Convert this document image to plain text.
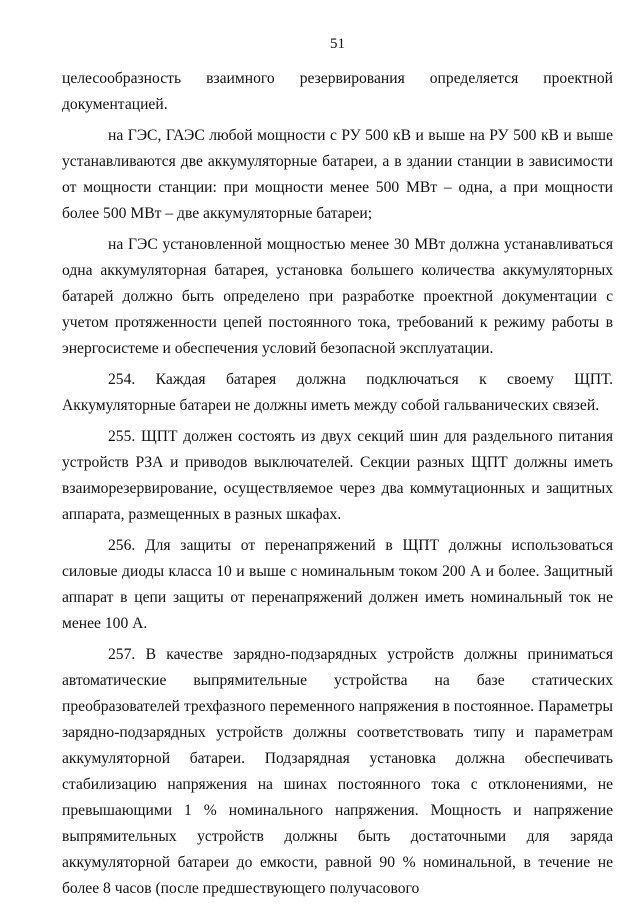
51

целесообразность взаимного резервирования определяется проектной документацией.

на ГЭС, ГАЭС любой мощности с РУ 500 кВ и выше на РУ 500 кВ и выше устанавливаются две аккумуляторные батареи, а в здании станции в зависимости от мощности станции: при мощности менее 500 МВт – одна, а при мощности более 500 МВт – две аккумуляторные батареи;

на ГЭС установленной мощностью менее 30 МВт должна устанавливаться одна аккумуляторная батарея, установка большего количества аккумуляторных батарей должно быть определено при разработке проектной документации с учетом протяженности цепей постоянного тока, требований к режиму работы в энергосистеме и обеспечения условий безопасной эксплуатации.

254. Каждая батарея должна подключаться к своему ЩПТ. Аккумуляторные батареи не должны иметь между собой гальванических связей.

255. ЩПТ должен состоять из двух секций шин для раздельного питания устройств РЗА и приводов выключателей. Секции разных ЩПТ должны иметь взаиморезервирование, осуществляемое через два коммутационных и защитных аппарата, размещенных в разных шкафах.

256. Для защиты от перенапряжений в ЩПТ должны использоваться силовые диоды класса 10 и выше с номинальным током 200 А и более. Защитный аппарат в цепи защиты от перенапряжений должен иметь номинальный ток не менее 100 А.

257. В качестве зарядно-подзарядных устройств должны приниматься автоматические выпрямительные устройства на базе статических преобразователей трехфазного переменного напряжения в постоянное. Параметры зарядно-подзарядных устройств должны соответствовать типу и параметрам аккумуляторной батареи. Подзарядная установка должна обеспечивать стабилизацию напряжения на шинах постоянного тока с отклонениями, не превышающими 1 % номинального напряжения. Мощность и напряжение выпрямительных устройств должны быть достаточными для заряда аккумуляторной батареи до емкости, равной 90 % номинальной, в течение не более 8 часов (после предшествующего получасового
